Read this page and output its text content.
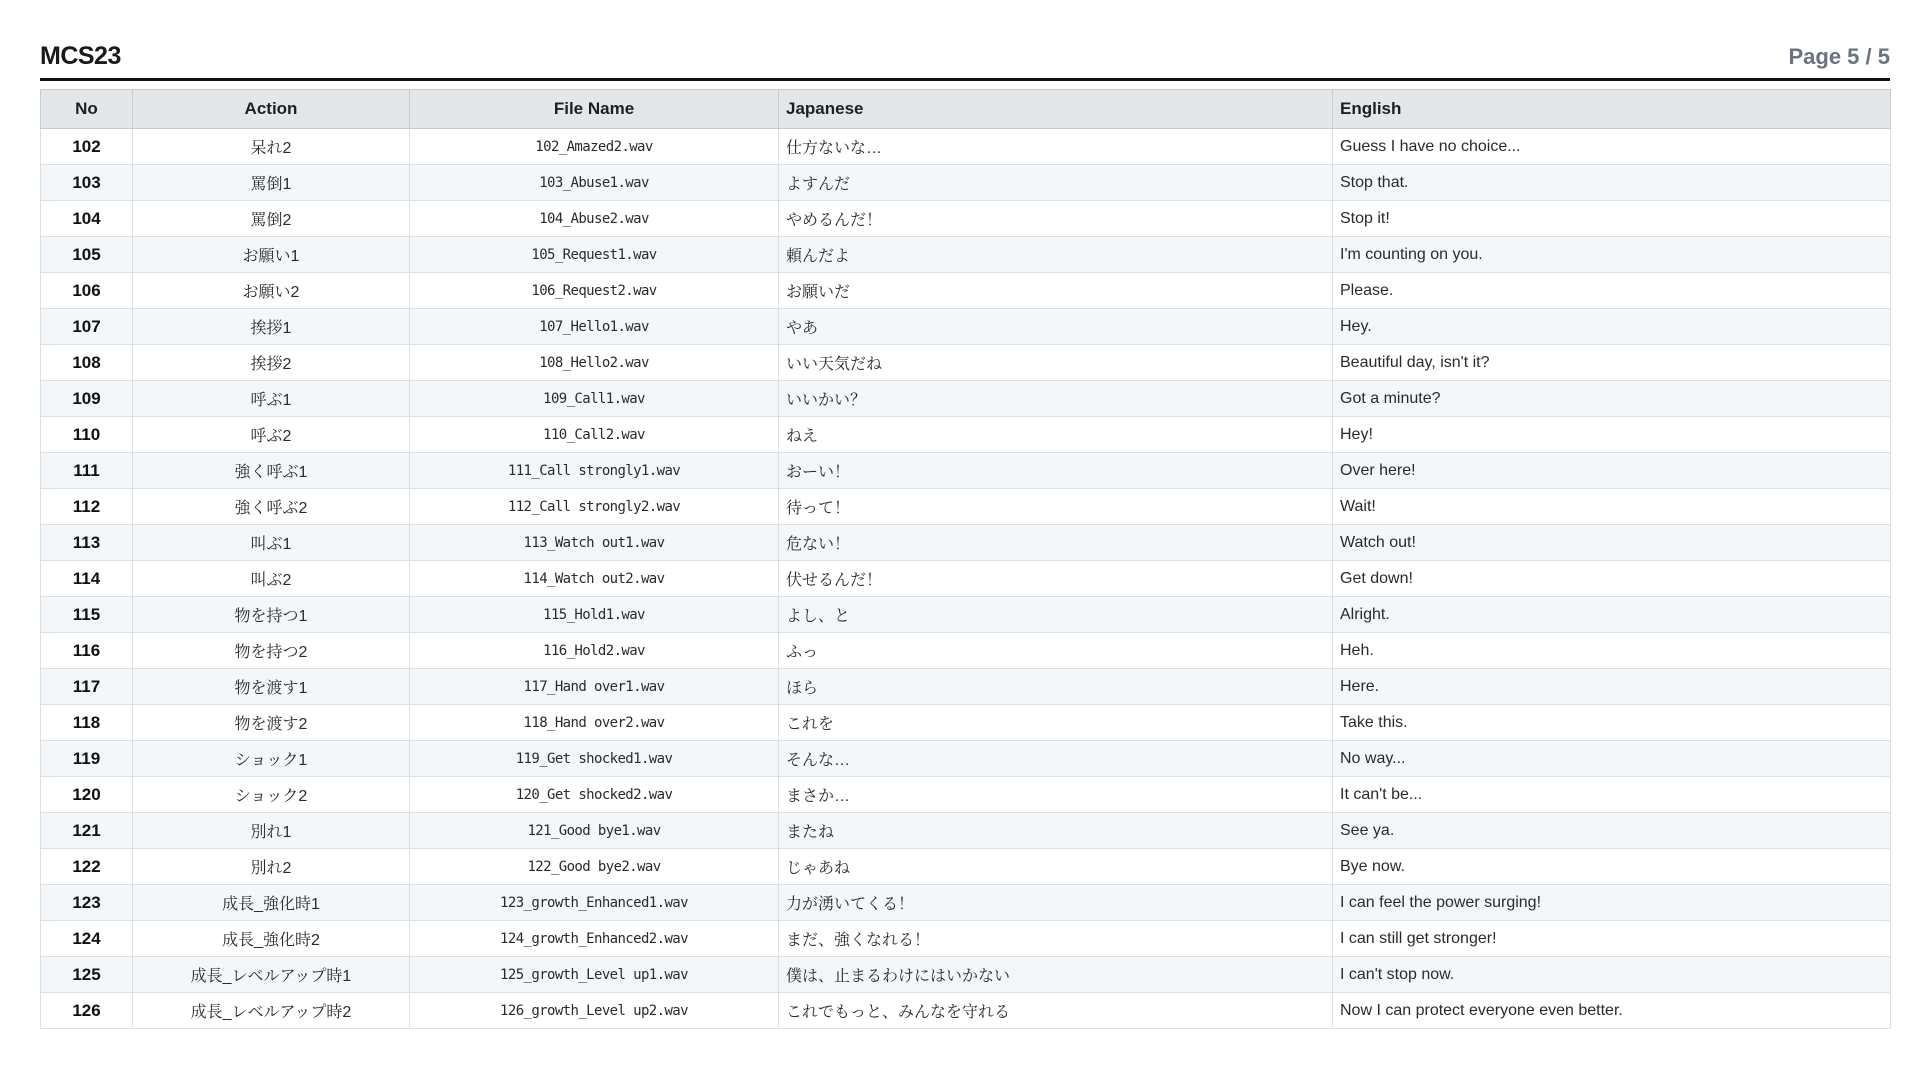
MCS23	Page 5 / 5
No	Action	File Name	Japanese	English
102	呆れ2	102_Amazed2.wav	仕方ないな…	Guess I have no choice...
103	罵倒1	103_Abuse1.wav	よすんだ	Stop that.
104	罵倒2	104_Abuse2.wav	やめるんだ！	Stop it!
105	お願い1	105_Request1.wav	頼んだよ	I'm counting on you.
106	お願い2	106_Request2.wav	お願いだ	Please.
107	挨拶1	107_Hello1.wav	やあ	Hey.
108	挨拶2	108_Hello2.wav	いい天気だね	Beautiful day, isn't it?
109	呼ぶ1	109_Call1.wav	いいかい？	Got a minute?
110	呼ぶ2	110_Call2.wav	ねえ	Hey!
111	強く呼ぶ1	111_Call strongly1.wav	おーい！	Over here!
112	強く呼ぶ2	112_Call strongly2.wav	待って！	Wait!
113	叫ぶ1	113_Watch out1.wav	危ない！	Watch out!
114	叫ぶ2	114_Watch out2.wav	伏せるんだ！	Get down!
115	物を持つ1	115_Hold1.wav	よし、と	Alright.
116	物を持つ2	116_Hold2.wav	ふっ	Heh.
117	物を渡す1	117_Hand over1.wav	ほら	Here.
118	物を渡す2	118_Hand over2.wav	これを	Take this.
119	ショック1	119_Get shocked1.wav	そんな…	No way...
120	ショック2	120_Get shocked2.wav	まさか…	It can't be...
121	別れ1	121_Good bye1.wav	またね	See ya.
122	別れ2	122_Good bye2.wav	じゃあね	Bye now.
123	成長_強化時1	123_growth_Enhanced1.wav	力が湧いてくる！	I can feel the power surging!
124	成長_強化時2	124_growth_Enhanced2.wav	まだ、強くなれる！	I can still get stronger!
125	成長_レベルアップ時1	125_growth_Level up1.wav	僕は、止まるわけにはいかない	I can't stop now.
126	成長_レベルアップ時2	126_growth_Level up2.wav	これでもっと、みんなを守れる	Now I can protect everyone even better.
